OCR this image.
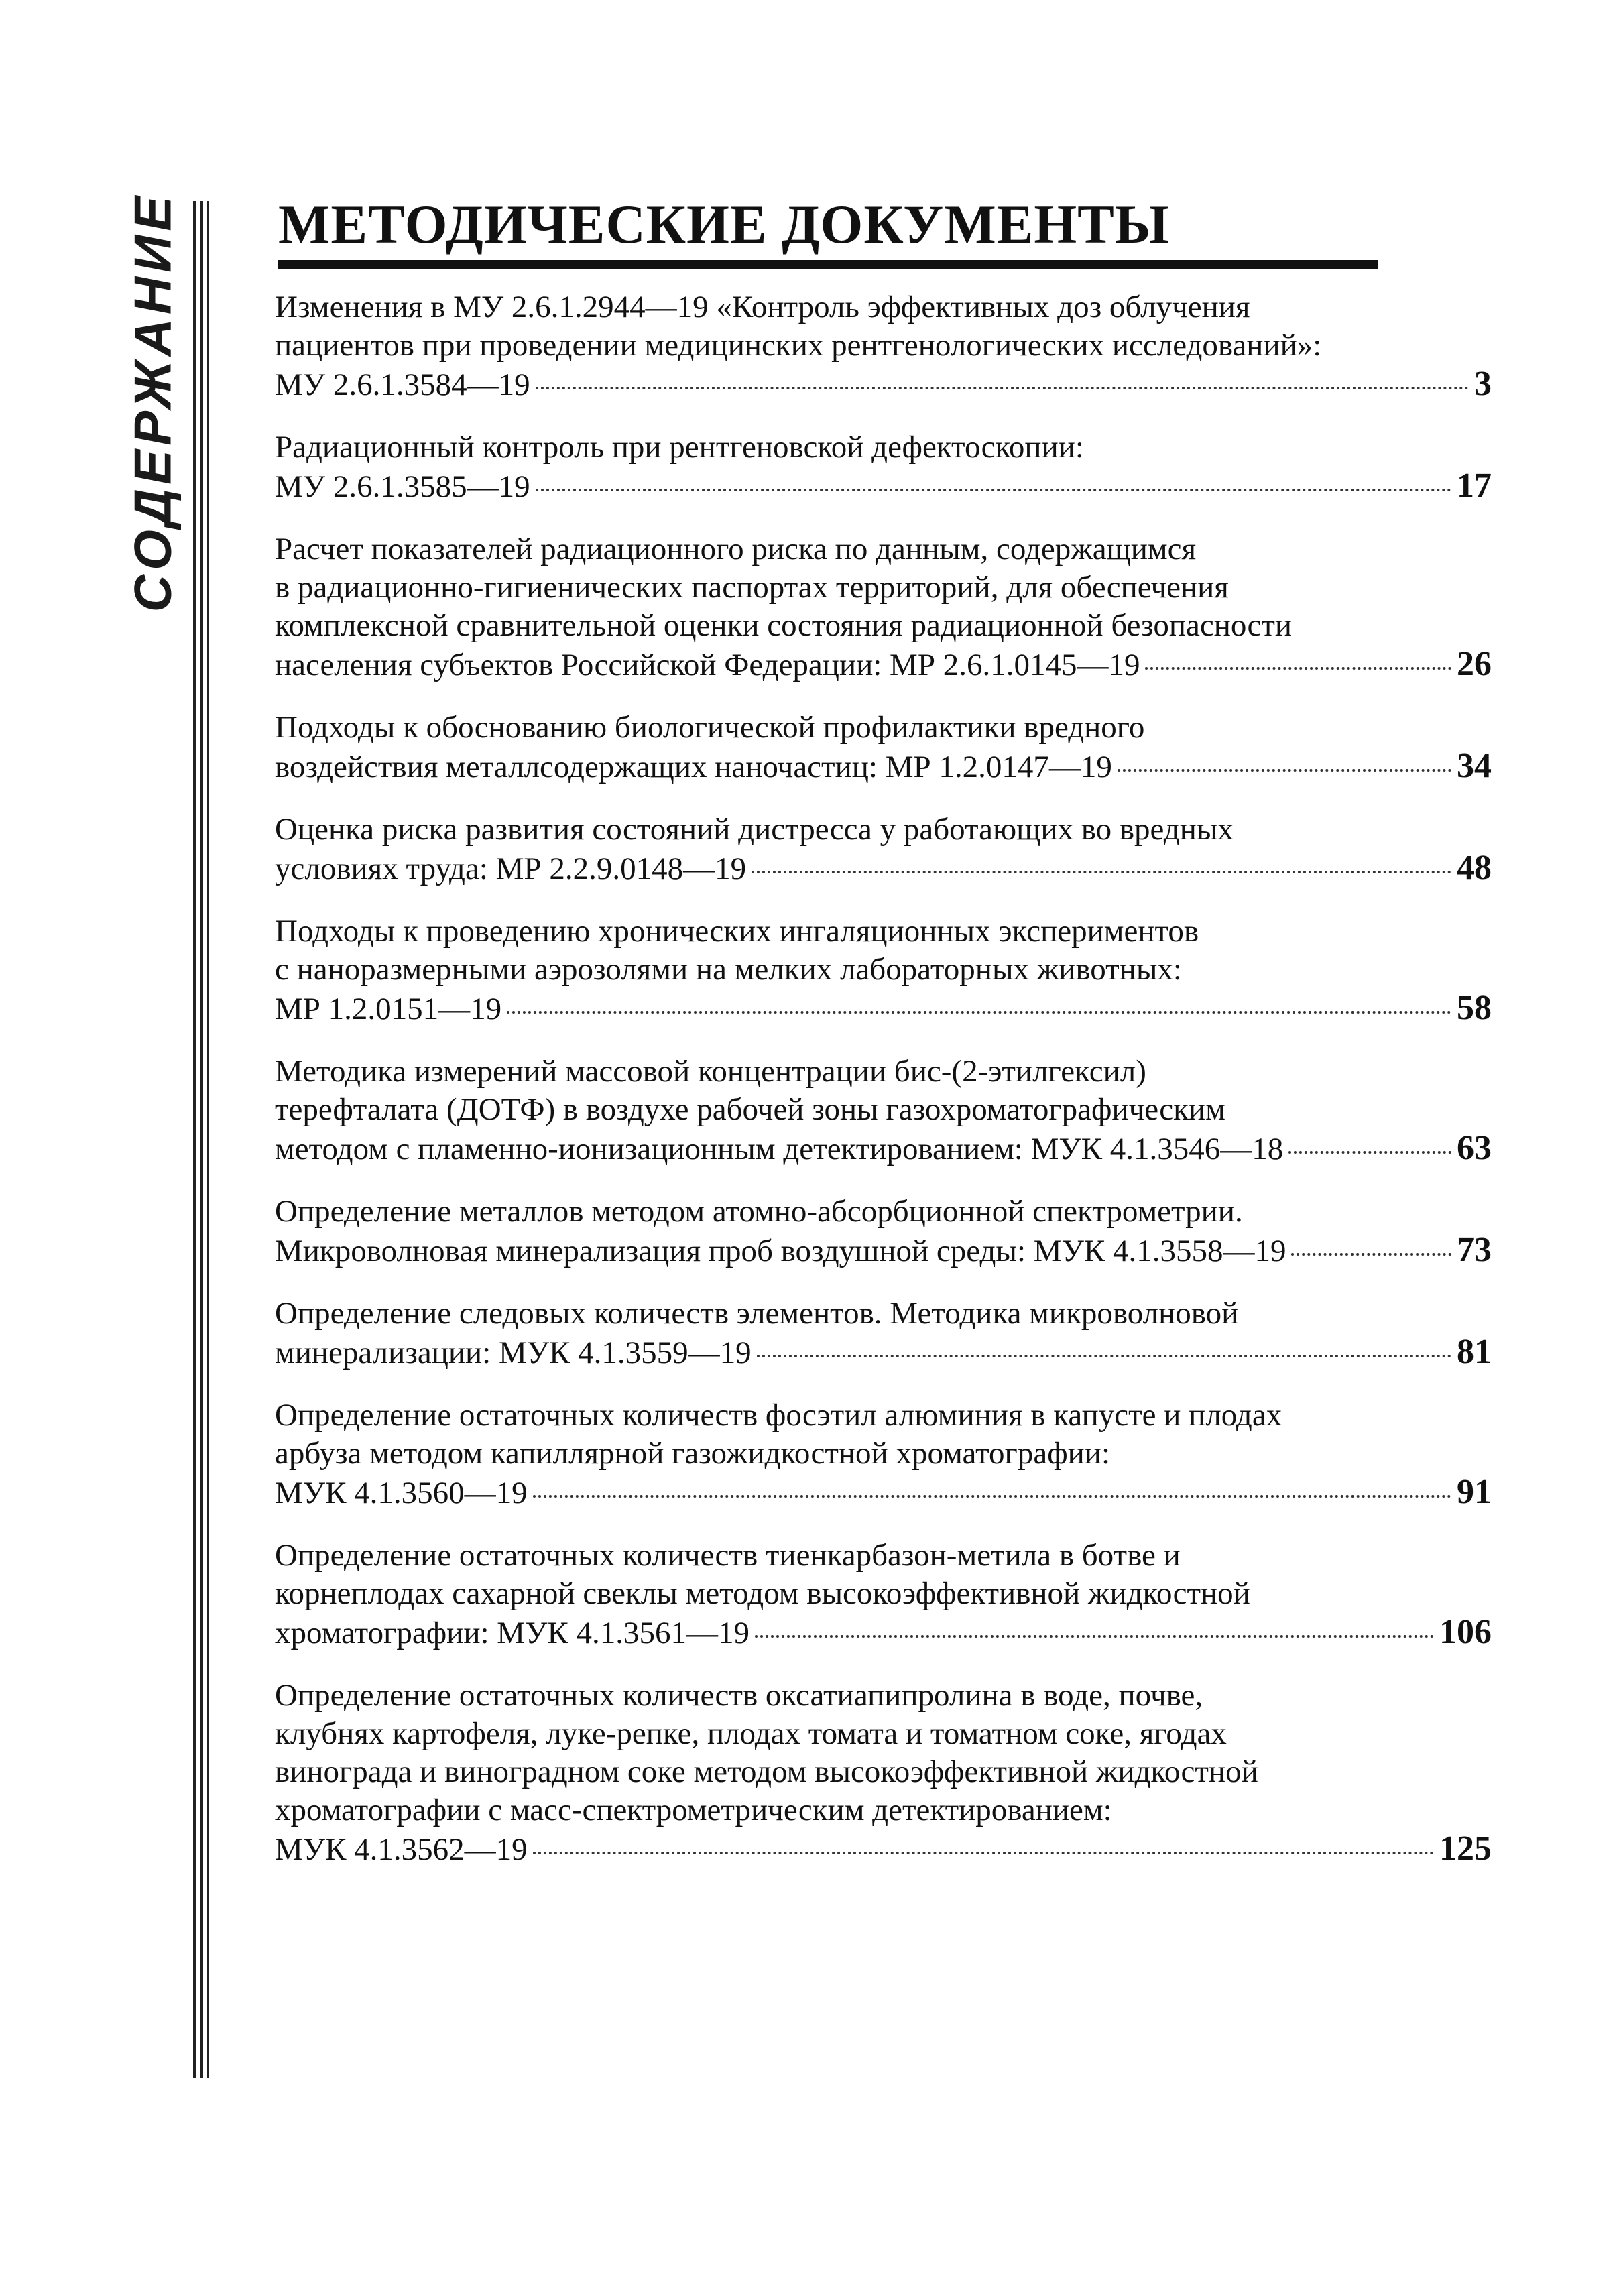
СОДЕРЖАНИЕ МЕТОДИЧЕСКИЕ ДОКУМЕНТЫ
Изменения в МУ 2.6.1.2944—19 «Контроль эффективных доз облучения
пациентов при проведении медицинских рентгенологических исследований»:
МУ 2.6.1.3584—19	3
Радиационный контроль при рентгеновской дефектоскопии:
МУ 2.6.1.3585—19	17
Расчет показателей радиационного риска по данным, содержащимся
в радиационно-гигиенических паспортах территорий, для обеспечения
комплексной сравнительной оценки состояния радиационной безопасности
населения субъектов Российской Федерации: МР 2.6.1.0145—19	26
Подходы к обоснованию биологической профилактики вредного
воздействия металлсодержащих наночастиц: МР 1.2.0147—19	34
Оценка риска развития состояний дистресса у работающих во вредных
условиях труда: МР 2.2.9.0148—19	48
Подходы к проведению хронических ингаляционных экспериментов
с наноразмерными аэрозолями на мелких лабораторных животных:
МР 1.2.0151—19	58
Методика измерений массовой концентрации бис-(2-этилгексил)
терефталата (ДОТФ) в воздухе рабочей зоны газохроматографическим
методом с пламенно-ионизационным детектированием: МУК 4.1.3546—18	63
Определение металлов методом атомно-абсорбционной спектрометрии.
Микроволновая минерализация проб воздушной среды: МУК 4.1.3558—19	73
Определение следовых количеств элементов. Методика микроволновой
минерализации: МУК 4.1.3559—19	81
Определение остаточных количеств фосэтил алюминия в капусте и плодах
арбуза методом капиллярной газожидкостной хроматографии:
МУК 4.1.3560—19	91
Определение остаточных количеств тиенкарбазон-метила в ботве и
корнеплодах сахарной свеклы методом высокоэффективной жидкостной
хроматографии: МУК 4.1.3561—19	106
Определение остаточных количеств оксатиапипролина в воде, почве,
клубнях картофеля, луке-репке, плодах томата и томатном соке, ягодах
винограда и виноградном соке методом высокоэффективной жидкостной
хроматографии с масс-спектрометрическим детектированием:
МУК 4.1.3562—19	125
